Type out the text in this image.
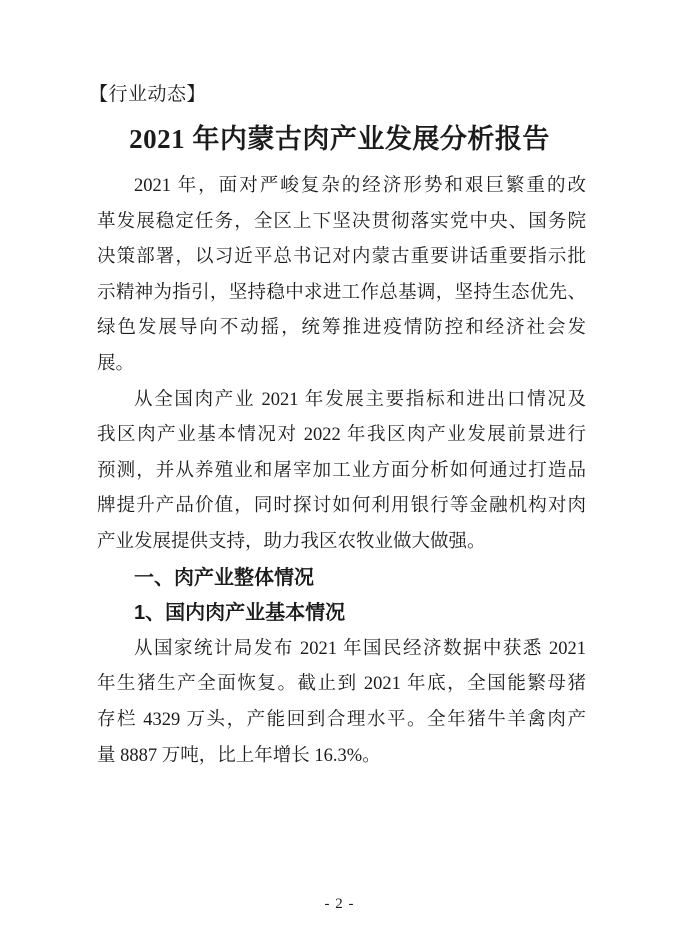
【行业动态】
2021 年内蒙古肉产业发展分析报告
2021 年，面对严峻复杂的经济形势和艰巨繁重的改
革发展稳定任务，全区上下坚决贯彻落实党中央、国务院
决策部署，以习近平总书记对内蒙古重要讲话重要指示批
示精神为指引，坚持稳中求进工作总基调，坚持生态优先、
绿色发展导向不动摇，统筹推进疫情防控和经济社会发
展。
从全国肉产业 2021 年发展主要指标和进出口情况及
我区肉产业基本情况对 2022 年我区肉产业发展前景进行
预测，并从养殖业和屠宰加工业方面分析如何通过打造品
牌提升产品价值，同时探讨如何利用银行等金融机构对肉
产业发展提供支持，助力我区农牧业做大做强。
一、肉产业整体情况
1、国内肉产业基本情况
从国家统计局发布 2021 年国民经济数据中获悉 2021
年生猪生产全面恢复。截止到 2021 年底，全国能繁母猪
存栏 4329 万头，产能回到合理水平。全年猪牛羊禽肉产
量 8887 万吨，比上年增长 16.3%。
- 2 -
